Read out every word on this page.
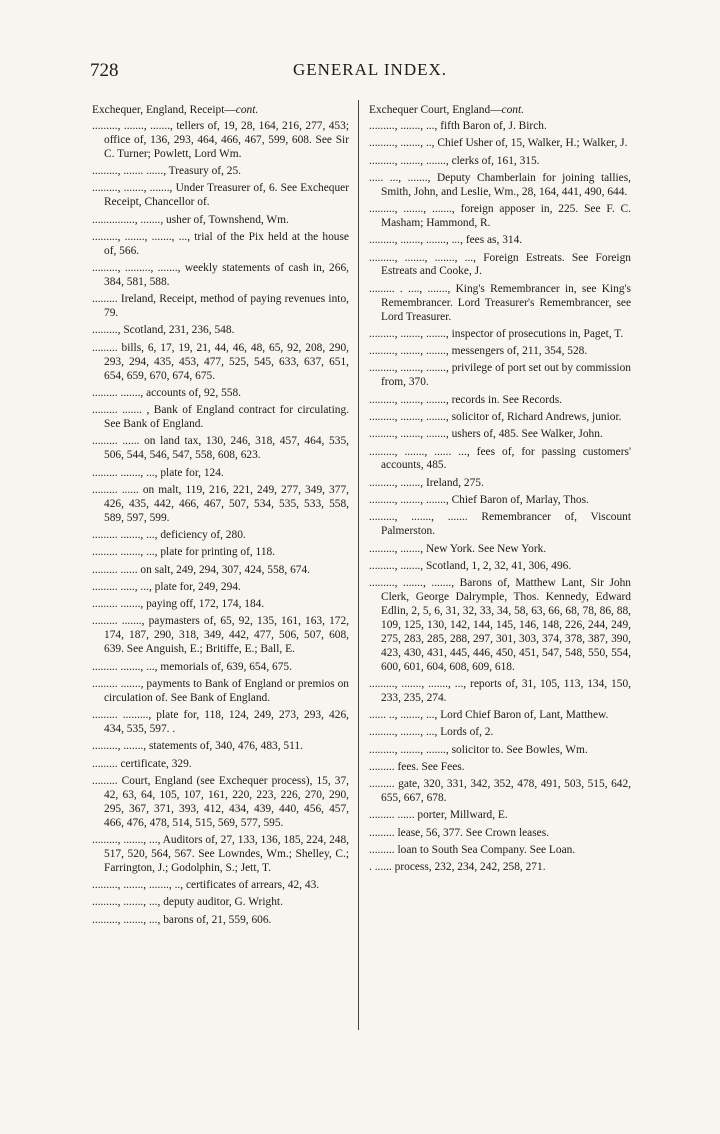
728	GENERAL INDEX.
Exchequer, England, Receipt—cont.
........., ......., ......., tellers of, 19, 28, 164, 216, 277, 453; office of, 136, 293, 464, 466, 467, 599, 608. See Sir C. Turner; Powlett, Lord Wm.
........., ....... ......, Treasury of, 25.
........., ......., ......., Under Treasurer of, 6. See Exchequer Receipt, Chancellor of.
..............., ......., usher of, Townshend, Wm.
........., ......., ......., ..., trial of the Pix held at the house of, 566.
........., ........., ......., weekly statements of cash in, 266, 384, 581, 588.
......... Ireland, Receipt, method of paying revenues into, 79.
........., Scotland, 231, 236, 548.
......... bills, 6, 17, 19, 21, 44, 46, 48, 65, 92, 208, 290, 293, 294, 435, 453, 477, 525, 545, 633, 637, 651, 654, 659, 670, 674, 675.
......... ......., accounts of, 92, 558.
......... ....... , Bank of England contract for circulating. See Bank of England.
......... ...... on land tax, 130, 246, 318, 457, 464, 535, 506, 544, 546, 547, 558, 608, 623.
......... ......., ..., plate for, 124.
......... ...... on malt, 119, 216, 221, 249, 277, 349, 377, 426, 435, 442, 466, 467, 507, 534, 535, 533, 558, 589, 597, 599.
......... ......., ..., deficiency of, 280.
......... ......., ..., plate for printing of, 118.
......... ...... on salt, 249, 294, 307, 424, 558, 674.
......... ....., ..., plate for, 249, 294.
......... ......., paying off, 172, 174, 184.
......... ......., paymasters of, 65, 92, 135, 161, 163, 172, 174, 187, 290, 318, 349, 442, 477, 506, 507, 608, 639. See Anguish, E.; Britiffe, E.; Ball, E.
......... ......., ..., memorials of, 639, 654, 675.
......... ......., payments to Bank of England or premios on circulation of. See Bank of England.
......... ........., plate for, 118, 124, 249, 273, 293, 426, 434, 535, 597. .
........., ......., statements of, 340, 476, 483, 511.
......... certificate, 329.
......... Court, England (see Exchequer process), 15, 37, 42, 63, 64, 105, 107, 161, 220, 223, 226, 270, 290, 295, 367, 371, 393, 412, 434, 439, 440, 456, 457, 466, 476, 478, 514, 515, 569, 577, 595.
........., ......., ..., Auditors of, 27, 133, 136, 185, 224, 248, 517, 520, 564, 567. See Lowndes, Wm.; Shelley, C.; Farrington, J.; Godolphin, S.; Jett, T.
........., ......., ......., .., certificates of arrears, 42, 43.
........., ......., ..., deputy auditor, G. Wright.
........., ......., ..., barons of, 21, 559, 606.
Exchequer Court, England—cont.
........., ......., ..., fifth Baron of, J. Birch.
........., ......., .., Chief Usher of, 15, Walker, H.; Walker, J.
........., ......., ......., clerks of, 161, 315.
..... ..., ......., Deputy Chamberlain for joining tallies, Smith, John, and Leslie, Wm., 28, 164, 441, 490, 644.
........., ......., ......., foreign apposer in, 225. See F. C. Masham; Hammond, R.
........., ......., ......., ..., fees as, 314.
........., ......., ......., ..., Foreign Estreats. See Foreign Estreats and Cooke, J.
......... . ...., ......., King's Remembrancer in, see King's Remembrancer. Lord Treasurer's Remembrancer, see Lord Treasurer.
........., ......., ......., inspector of prosecutions in, Paget, T.
........., ......., ......., messengers of, 211, 354, 528.
........., ......., ......., privilege of port set out by commission from, 370.
........., ......., ......., records in. See Records.
........., ......., ......., solicitor of, Richard Andrews, junior.
........., ......., ......., ushers of, 485. See Walker, John.
........., ......., ...... ..., fees of, for passing customers' accounts, 485.
........., ......., Ireland, 275.
........., ......., ......., Chief Baron of, Marlay, Thos.
........., ......., ....... Remembrancer of, Viscount Palmerston.
........., ......., New York. See New York.
........., ......., Scotland, 1, 2, 32, 41, 306, 496.
........., ......., ......., Barons of, Matthew Lant, Sir John Clerk, George Dalrymple, Thos. Kennedy, Edward Edlin, 2, 5, 6, 31, 32, 33, 34, 58, 63, 66, 68, 78, 86, 88, 109, 125, 130, 142, 144, 145, 146, 148, 226, 244, 249, 275, 283, 285, 288, 297, 301, 303, 374, 378, 387, 390, 423, 430, 431, 445, 446, 450, 451, 547, 548, 550, 554, 600, 601, 604, 608, 609, 618.
........., ......., ......., ..., reports of, 31, 105, 113, 134, 150, 233, 235, 274.
...... .., ......., ..., Lord Chief Baron of, Lant, Matthew.
........., ......., ..., Lords of, 2.
........., ......., ......., solicitor to. See Bowles, Wm.
......... fees. See Fees.
......... gate, 320, 331, 342, 352, 478, 491, 503, 515, 642, 655, 667, 678.
......... ...... porter, Millward, E.
......... lease, 56, 377. See Crown leases.
......... loan to South Sea Company. See Loan.
. ...... process, 232, 234, 242, 258, 271.
